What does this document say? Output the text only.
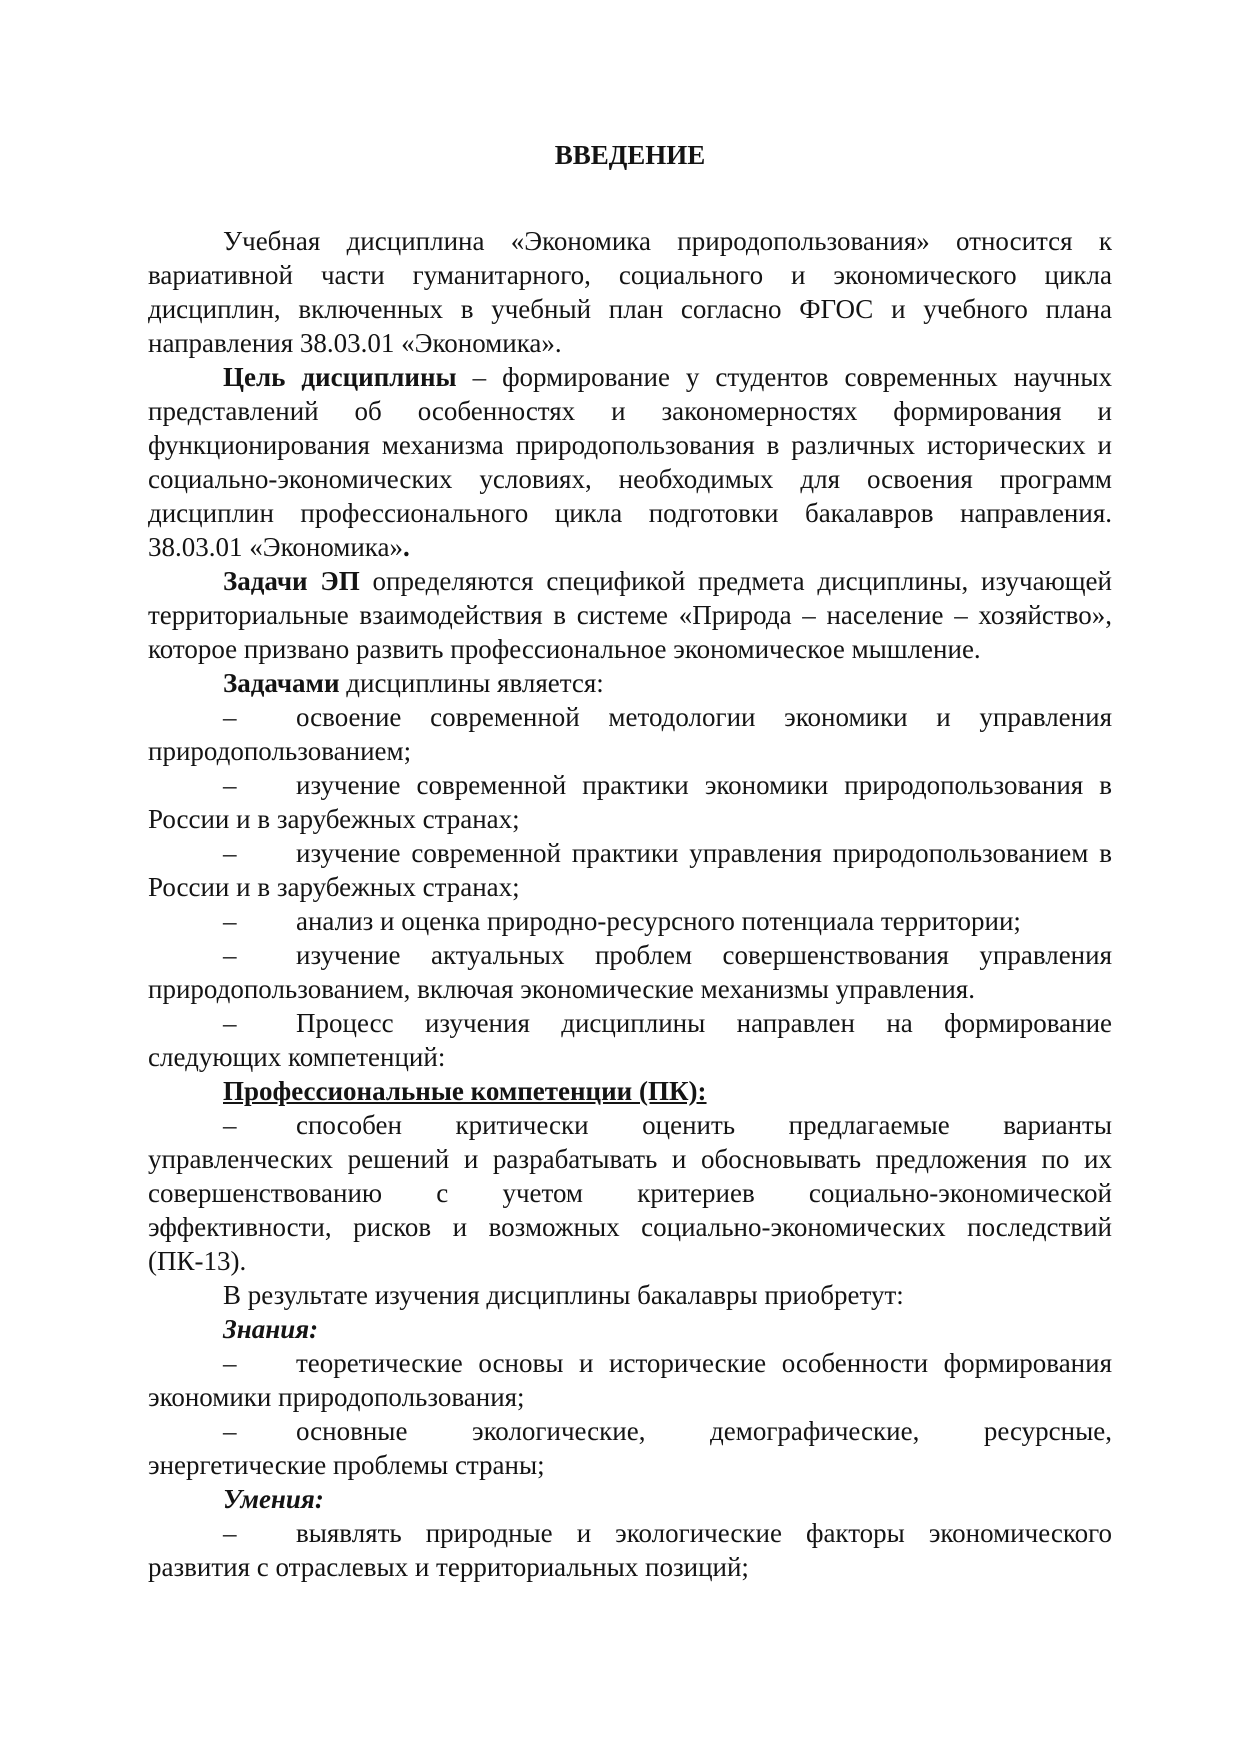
ВВЕДЕНИЕ

Учебная дисциплина «Экономика природопользования» относится к вариативной части гуманитарного, социального и экономического цикла дисциплин, включенных в учебный план согласно ФГОС и учебного плана направления 38.03.01 «Экономика».

Цель дисциплины – формирование у студентов современных научных представлений об особенностях и закономерностях формирования и функционирования механизма природопользования в различных исторических и социально-экономических условиях, необходимых для освоения программ дисциплин профессионального цикла подготовки бакалавров направления. 38.03.01 «Экономика».

Задачи ЭП определяются спецификой предмета дисциплины, изучающей территориальные взаимодействия в системе «Природа – население – хозяйство», которое призвано развить профессиональное экономическое мышление.

Задачами дисциплины является:

– освоение современной методологии экономики и управления природопользованием;

– изучение современной практики экономики природопользования в России и в зарубежных странах;

– изучение современной практики управления природопользованием в России и в зарубежных странах;

– анализ и оценка природно-ресурсного потенциала территории;

– изучение актуальных проблем совершенствования управления природопользованием, включая экономические механизмы управления.

– Процесс изучения дисциплины направлен на формирование следующих компетенций:

Профессиональные компетенции (ПК):

– способен критически оценить предлагаемые варианты управленческих решений и разрабатывать и обосновывать предложения по их совершенствованию с учетом критериев социально-экономической эффективности, рисков и возможных социально-экономических последствий (ПК-13).

В результате изучения дисциплины бакалавры приобретут:

Знания:

– теоретические основы и исторические особенности формирования экономики природопользования;

– основные экологические, демографические, ресурсные, энергетические проблемы страны;

Умения:

– выявлять природные и экологические факторы экономического развития с отраслевых и территориальных позиций;
